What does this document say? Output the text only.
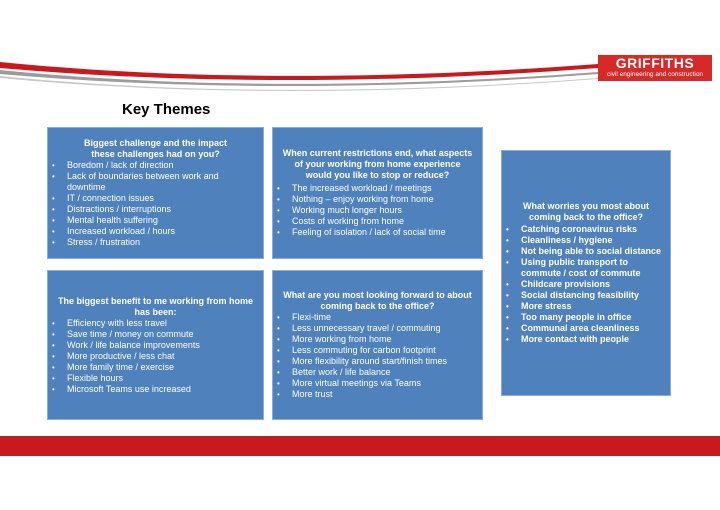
GRIFFITHS
civil engineering and construction
Key Themes
Biggest challenge and the impact these challenges had on you?
• Boredom / lack of direction
• Lack of boundaries between work and downtime
• IT / connection issues
• Distractions / interruptions
• Mental health suffering
• Increased workload / hours
• Stress / frustration
When current restrictions end, what aspects of your working from home experience would you like to stop or reduce?
• The increased workload / meetings
• Nothing – enjoy working from home
• Working much longer hours
• Costs of working from home
• Feeling of isolation / lack of social time
The biggest benefit to me working from home has been:
• Efficiency with less travel
• Save time / money on commute
• Work / life balance improvements
• More productive / less chat
• More family time / exercise
• Flexible hours
• Microsoft Teams use increased
What are you most looking forward to about coming back to the office?
• Flexi-time
• Less unnecessary travel / commuting
• More working from home
• Less commuting for carbon footprint
• More flexibility around start/finish times
• Better work / life balance
• More virtual meetings via Teams
• More trust
What worries you most about coming back to the office?
• Catching coronavirus risks
• Cleanliness / hygiene
• Not being able to social distance
• Using public transport to commute / cost of commute
• Childcare provisions
• Social distancing feasibility
• More stress
• Too many people in office
• Communal area cleanliness
• More contact with people
